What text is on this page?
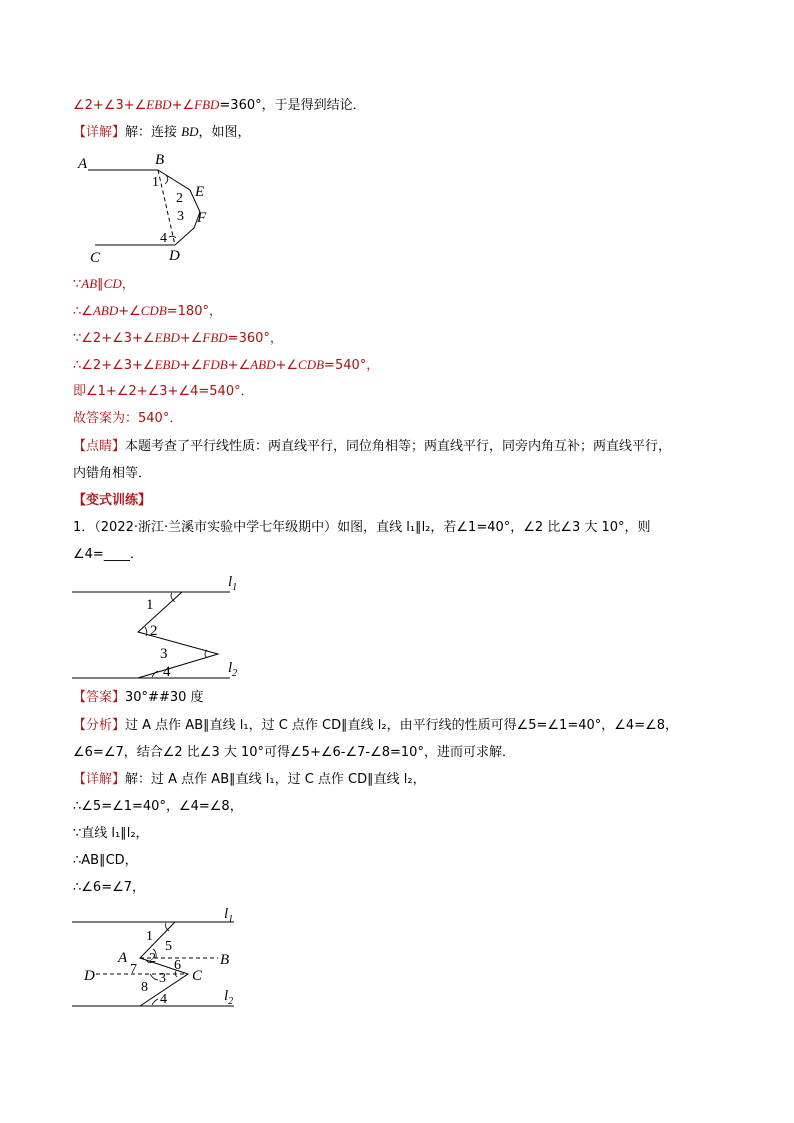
∠2+∠3+∠EBD+∠FBD=360°，于是得到结论．
【详解】解：连接 BD，如图，
A	B
E
F
C	D
1
2
3
4
∵AB∥CD，
∴∠ABD+∠CDB=180°，
∵∠2+∠3+∠EBD+∠FBD=360°，
∴∠2+∠3+∠EBD+∠FDB+∠ABD+∠CDB=540°，
即∠1+∠2+∠3+∠4=540°．
故答案为：540°．
【点睛】本题考查了平行线性质：两直线平行，同位角相等；两直线平行，同旁内角互补；两直线平行，
内错角相等．
【变式训练】
1．（2022·浙江·兰溪市实验中学七年级期中）如图，直线 l₁∥l₂，若∠1=40°，∠2 比∠3 大 10°，则
∠4=____．
$l_1$
$l_2$
1
2
3
4
【答案】30°##30 度
【分析】过 A 点作 AB∥直线 l₁，过 C 点作 CD∥直线 l₂，由平行线的性质可得∠5=∠1=40°，∠4=∠8，
∠6=∠7，结合∠2 比∠3 大 10°可得∠5+∠6-∠7-∠8=10°，进而可求解．
【详解】解：过 A 点作 AB∥直线 l₁，过 C 点作 CD∥直线 l₂，
∴∠5=∠1=40°，∠4=∠8，
∵直线 l₁∥l₂，
∴AB∥CD，
∴∠6=∠7，
$l_1$
$l_2$
A	B
C
D
1
5
2 6
7
3
8
4
